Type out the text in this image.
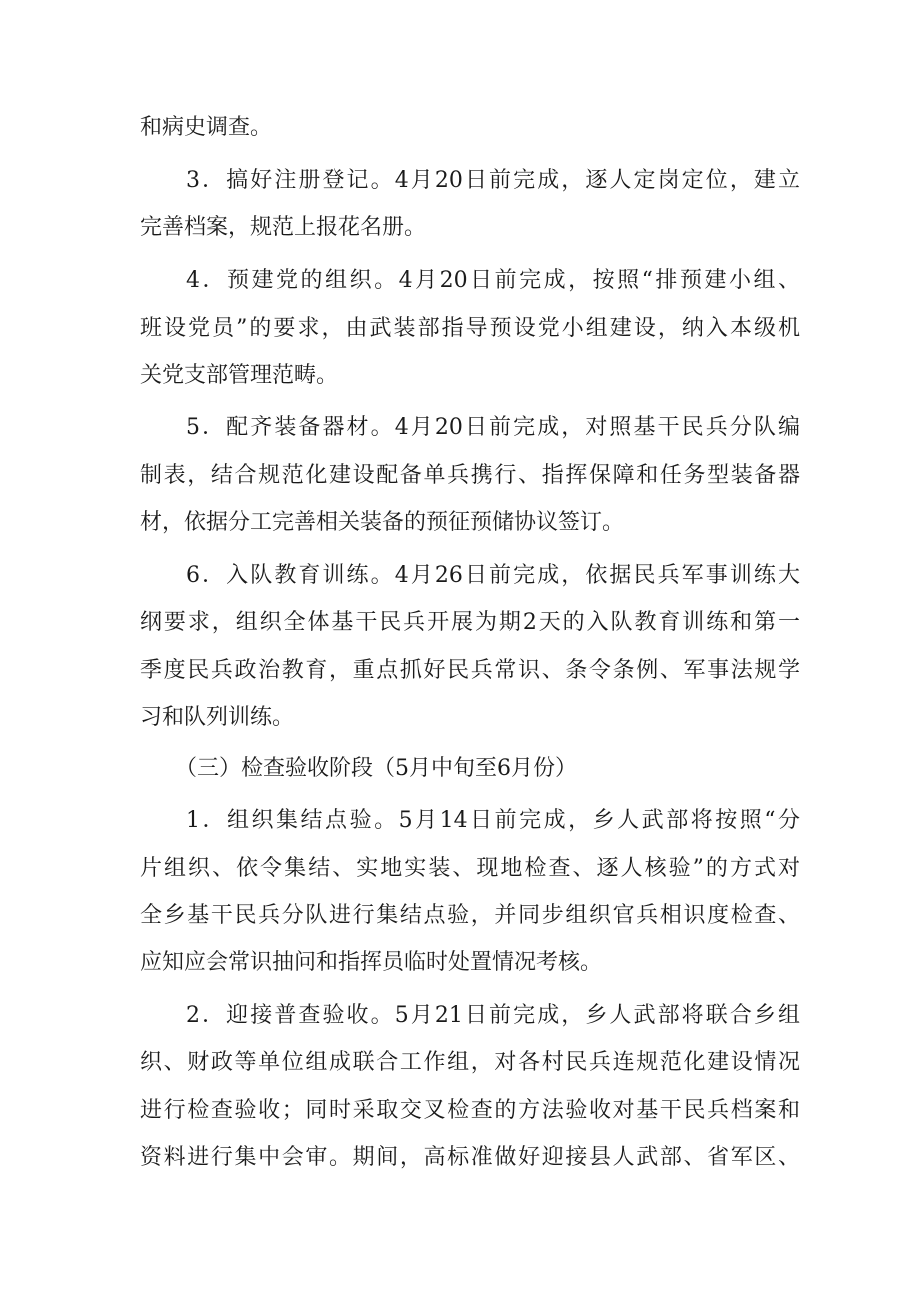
和病史调查。
3．搞好注册登记。4月20日前完成，逐人定岗定位，建立
完善档案，规范上报花名册。
4．预建党的组织。4月20日前完成，按照“排预建小组、
班设党员”的要求，由武装部指导预设党小组建设，纳入本级机
关党支部管理范畴。
5．配齐装备器材。4月20日前完成，对照基干民兵分队编
制表，结合规范化建设配备单兵携行、指挥保障和任务型装备器
材，依据分工完善相关装备的预征预储协议签订。
6．入队教育训练。4月26日前完成，依据民兵军事训练大
纲要求，组织全体基干民兵开展为期2天的入队教育训练和第一
季度民兵政治教育，重点抓好民兵常识、条令条例、军事法规学
习和队列训练。
（三）检查验收阶段（5月中旬至6月份）
1．组织集结点验。5月14日前完成，乡人武部将按照“分
片组织、依令集结、实地实装、现地检查、逐人核验”的方式对
全乡基干民兵分队进行集结点验，并同步组织官兵相识度检查、
应知应会常识抽问和指挥员临时处置情况考核。
2．迎接普查验收。5月21日前完成，乡人武部将联合乡组
织、财政等单位组成联合工作组，对各村民兵连规范化建设情况
进行检查验收；同时采取交叉检查的方法验收对基干民兵档案和
资料进行集中会审。期间，高标准做好迎接县人武部、省军区、
